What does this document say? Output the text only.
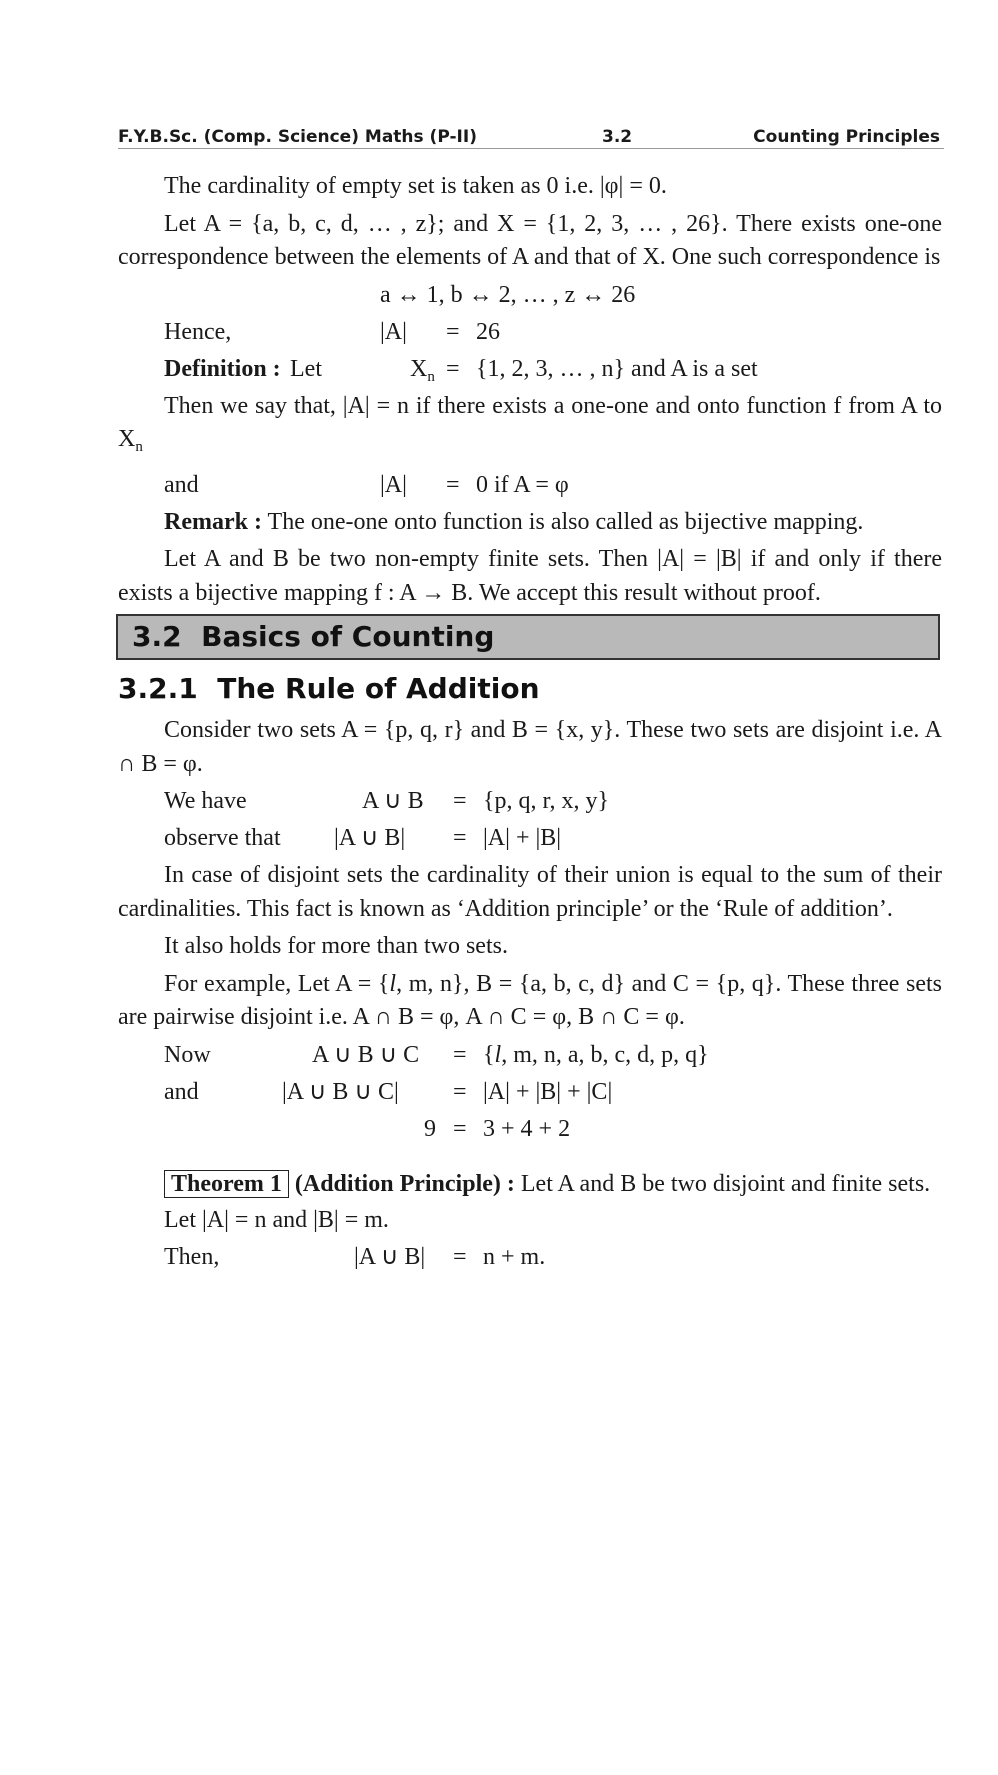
F.Y.B.Sc. (Comp. Science) Maths (P-II)	3.2	Counting Principles

The cardinality of empty set is taken as 0 i.e. |φ| = 0.

Let A = {a, b, c, d, … , z}; and X = {1, 2, 3, … , 26}. There exists one-one correspondence between the elements of A and that of X. One such correspondence is

a ↔ 1, b ↔ 2, … , z ↔ 26
Hence,	|A| = 26
Definition : Let	$X_n = \{1$, 2, 3, … , n} and A is a set

Then we say that, |A| = n if there exists a one-one and onto function f from A to $X_n$

and	|A| = 0 if A = φ

Remark : The one-one onto function is also called as bijective mapping.

Let A and B be two non-empty finite sets. Then |A| = |B| if and only if there exists a bijective mapping f : A → B. We accept this result without proof.

3.2 Basics of Counting
3.2.1 The Rule of Addition

Consider two sets A = {p, q, r} and B = {x, y}. These two sets are disjoint i.e. A ∩ B = φ.

We have	A ∪ B = {p, q, r, x, y}
observe that |A ∪ B| = |A| + |B|

In case of disjoint sets the cardinality of their union is equal to the sum of their cardinalities. This fact is known as ‘Addition principle’ or the ‘Rule of addition’.

It also holds for more than two sets.

For example, Let A = {l, m, n}, B = {a, b, c, d} and C = {p, q}. These three sets are pairwise disjoint i.e. A ∩ B = φ, A ∩ C = φ, B ∩ C = φ.

Now	A ∪ B ∪ C = {l, m, n, a, b, c, d, p, q}
and	|A ∪ B ∪ C| = |A| + |B| + |C|
9 = 3 + 4 + 2

Theorem 1 (Addition Principle) : Let A and B be two disjoint and finite sets.

Let |A| = n and |B| = m.
Then,	|A ∪ B| = n + m.
